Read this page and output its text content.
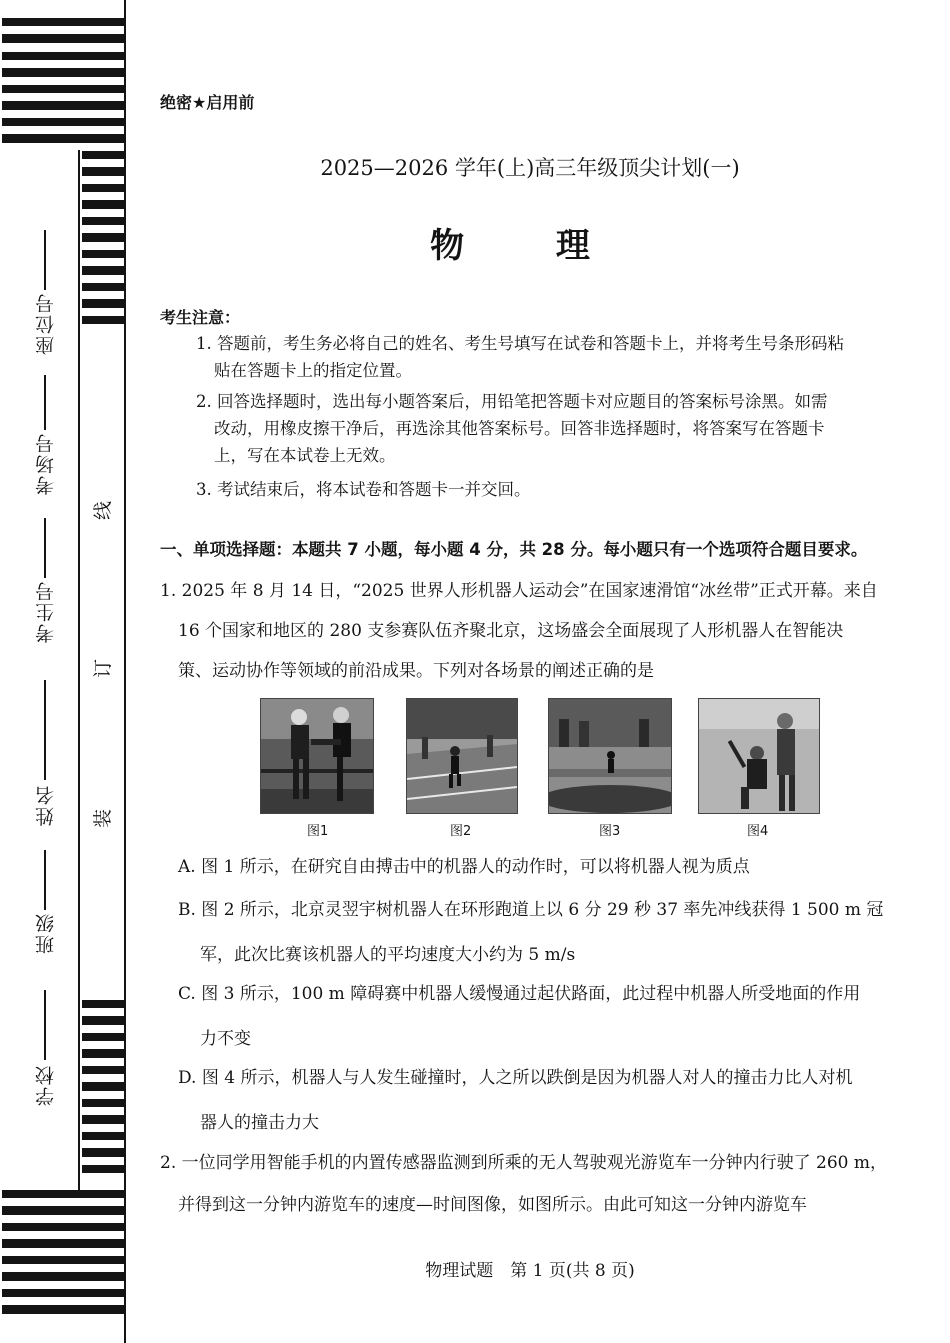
座位号
考场号
考生号
姓名
班级
学校
线
订
装
绝密★启用前
2025—2026 学年(上)高三年级顶尖计划(一)
物 理
考生注意：
1. 答题前，考生务必将自己的姓名、考生号填写在试卷和答题卡上，并将考生号条形码粘
贴在答题卡上的指定位置。
2. 回答选择题时，选出每小题答案后，用铅笔把答题卡对应题目的答案标号涂黑。如需
改动，用橡皮擦干净后，再选涂其他答案标号。回答非选择题时，将答案写在答题卡
上，写在本试卷上无效。
3. 考试结束后，将本试卷和答题卡一并交回。
一、单项选择题：本题共 7 小题，每小题 4 分，共 28 分。每小题只有一个选项符合题目要求。
1. 2025 年 8 月 14 日，“2025 世界人形机器人运动会”在国家速滑馆“冰丝带”正式开幕。来自
16 个国家和地区的 280 支参赛队伍齐聚北京，这场盛会全面展现了人形机器人在智能决
策、运动协作等领域的前沿成果。下列对各场景的阐述正确的是
图1	图2	图3	图4
A. 图 1 所示，在研究自由搏击中的机器人的动作时，可以将机器人视为质点
B. 图 2 所示，北京灵翌宇树机器人在环形跑道上以 6 分 29 秒 37 率先冲线获得 1 500 m 冠
军，此次比赛该机器人的平均速度大小约为 5 m/s
C. 图 3 所示，100 m 障碍赛中机器人缓慢通过起伏路面，此过程中机器人所受地面的作用
力不变
D. 图 4 所示，机器人与人发生碰撞时，人之所以跌倒是因为机器人对人的撞击力比人对机
器人的撞击力大
2. 一位同学用智能手机的内置传感器监测到所乘的无人驾驶观光游览车一分钟内行驶了 260 m，
并得到这一分钟内游览车的速度—时间图像，如图所示。由此可知这一分钟内游览车
物理试题　第 1 页(共 8 页)
